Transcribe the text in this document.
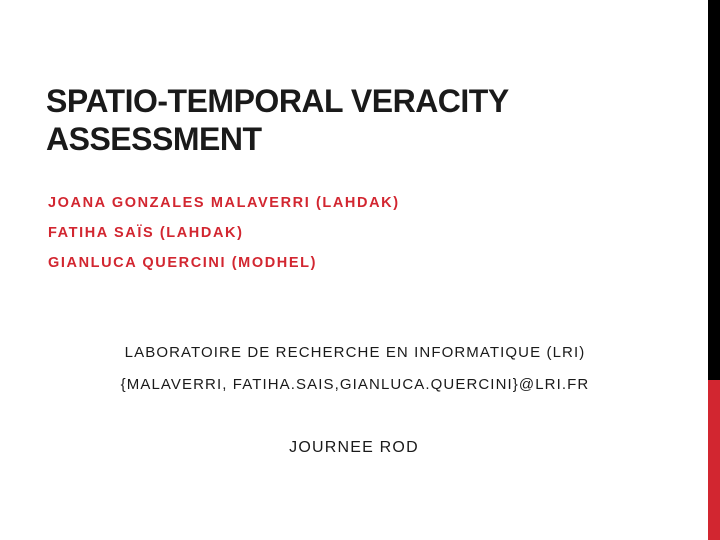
SPATIO-TEMPORAL VERACITY
ASSESSMENT
JOANA GONZALES MALAVERRI (LAHDAK)
FATIHA SAÏS (LAHDAK)
GIANLUCA QUERCINI (MODHEL)
LABORATOIRE DE RECHERCHE EN INFORMATIQUE (LRI)
{MALAVERRI, FATIHA.SAIS,GIANLUCA.QUERCINI}@LRI.FR
JOURNEE ROD
